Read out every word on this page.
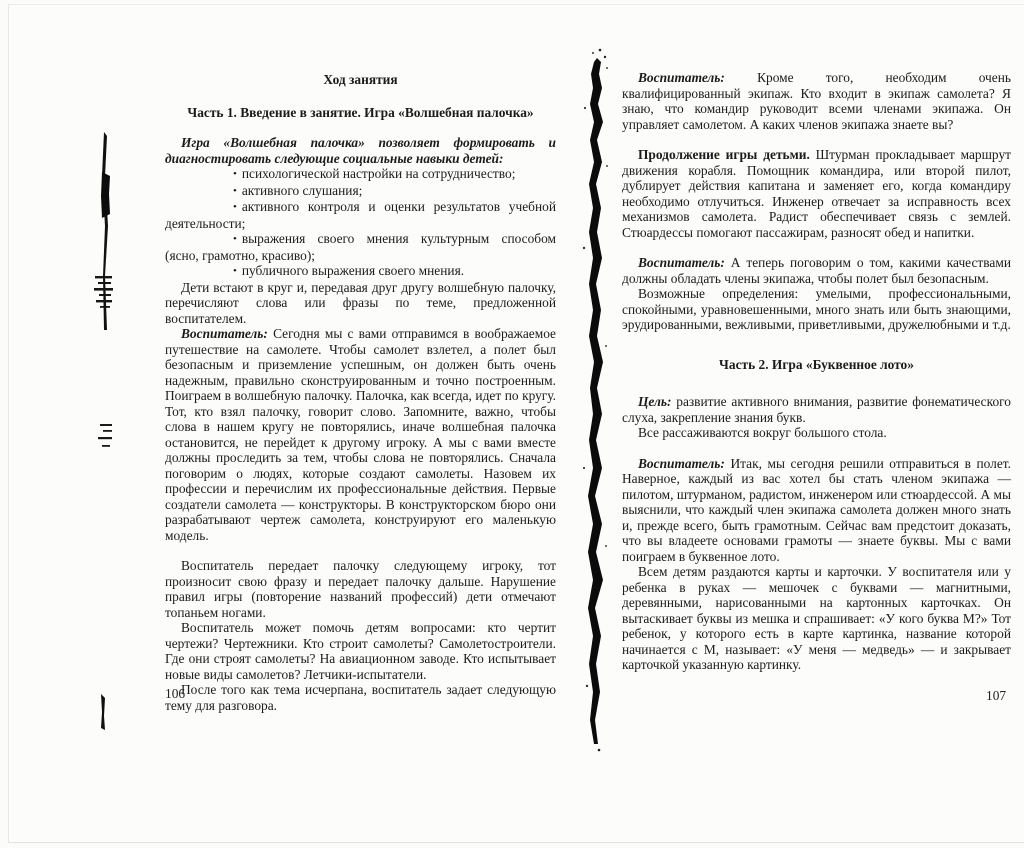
Ход занятия
Часть 1. Введение в занятие. Игра «Волшебная палочка»

Игра «Волшебная палочка» позволяет формировать и диагностировать следующие социальные навыки детей:

• психологической настройки на сотрудничество;

• активного слушания;

• активного контроля и оценки результатов учебной деятельности;

• выражения своего мнения культурным способом (ясно, грамотно, красиво);

• публичного выражения своего мнения.

Дети встают в круг и, передавая друг другу волшебную палочку, перечисляют слова или фразы по теме, предложенной воспитателем.

Воспитатель: Сегодня мы с вами отправимся в воображаемое путешествие на самолете. Чтобы самолет взлетел, а полет был безопасным и приземление успешным, он должен быть очень надежным, правильно сконструированным и точно построенным. Поиграем в волшебную палочку. Палочка, как всегда, идет по кругу. Тот, кто взял палочку, говорит слово. Запомните, важно, чтобы слова в нашем кругу не повторялись, иначе волшебная палочка остановится, не перейдет к другому игроку. А мы с вами вместе должны проследить за тем, чтобы слова не повторялись. Сначала поговорим о людях, которые создают самолеты. Назовем их профессии и перечислим их профессиональные действия. Первые создатели самолета — конструкторы. В конструкторском бюро они разрабатывают чертеж самолета, конструируют его маленькую модель.

Воспитатель передает палочку следующему игроку, тот произносит свою фразу и передает палочку дальше. Нарушение правил игры (повторение названий профессий) дети отмечают топаньем ногами.

Воспитатель может помочь детям вопросами: кто чертит чертежи? Чертежники. Кто строит самолеты? Самолетостроители. Где они строят самолеты? На авиационном заводе. Кто испытывает новые виды самолетов? Летчики-испытатели.

После того как тема исчерпана, воспитатель задает следующую тему для разговора.

106

Воспитатель: Кроме того, необходим очень квалифицированный экипаж. Кто входит в экипаж самолета? Я знаю, что командир руководит всеми членами экипажа. Он управляет самолетом. А каких членов экипажа знаете вы?

Продолжение игры детьми. Штурман прокладывает маршрут движения корабля. Помощник командира, или второй пилот, дублирует действия капитана и заменяет его, когда командиру необходимо отлучиться. Инженер отвечает за исправность всех механизмов самолета. Радист обеспечивает связь с землей. Стюардессы помогают пассажирам, разносят обед и напитки.

Воспитатель: А теперь поговорим о том, какими качествами должны обладать члены экипажа, чтобы полет был безопасным.

Возможные определения: умелыми, профессиональными, спокойными, уравновешенными, много знать или быть знающими, эрудированными, вежливыми, приветливыми, дружелюбными и т.д.

Часть 2. Игра «Буквенное лото»

Цель: развитие активного внимания, развитие фонематического слуха, закрепление знания букв.

Все рассаживаются вокруг большого стола.

Воспитатель: Итак, мы сегодня решили отправиться в полет. Наверное, каждый из вас хотел бы стать членом экипажа — пилотом, штурманом, радистом, инженером или стюардессой. А мы выяснили, что каждый член экипажа самолета должен много знать и, прежде всего, быть грамотным. Сейчас вам предстоит доказать, что вы владеете основами грамоты — знаете буквы. Мы с вами поиграем в буквенное лото.

Всем детям раздаются карты и карточки. У воспитателя или у ребенка в руках — мешочек с буквами — магнитными, деревянными, нарисованными на картонных карточках. Он вытаскивает буквы из мешка и спрашивает: «У кого буква М?» Тот ребенок, у которого есть в карте картинка, название которой начинается с М, называет: «У меня — медведь» — и закрывает карточкой указанную картинку.

107
